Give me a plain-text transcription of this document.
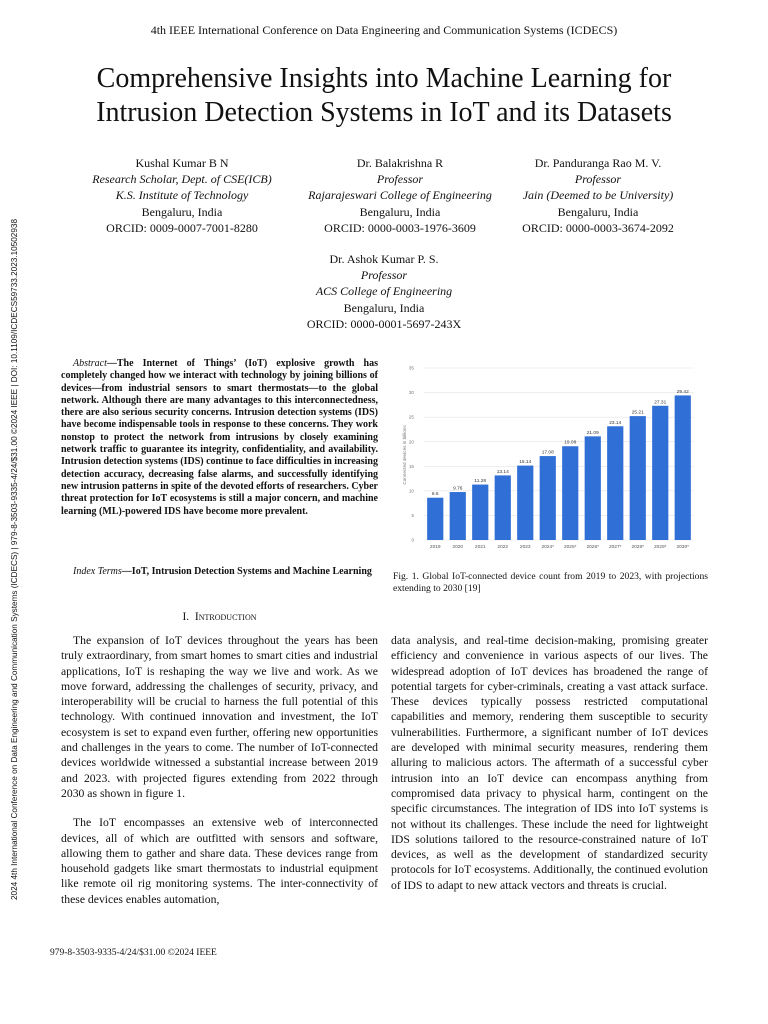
4th IEEE International Conference on Data Engineering and Communication Systems (ICDECS)
2024 4th International Conference on Data Engineering and Communication Systems (ICDECS) | 979-8-3503-9335-4/24/$31.00 ©2024 IEEE | DOI: 10.1109/ICDECS59733.2023.10502938
Comprehensive Insights into Machine Learning for
Intrusion Detection Systems in IoT and its Datasets
Kushal Kumar B N
Research Scholar, Dept. of CSE(ICB)
K.S. Institute of Technology
Bengaluru, India
ORCID: 0009-0007-7001-8280
Dr. Balakrishna R
Professor
Rajarajeswari College of Engineering
Bengaluru, India
ORCID: 0000-0003-1976-3609
Dr. Panduranga Rao M. V.
Professor
Jain (Deemed to be University)
Bengaluru, India
ORCID: 0000-0003-3674-2092
Dr. Ashok Kumar P. S.
Professor
ACS College of Engineering
Bengaluru, India
ORCID: 0000-0001-5697-243X
Abstract—The Internet of Things’ (IoT) explosive growth has completely changed how we interact with technology by joining billions of devices—from industrial sensors to smart thermostats—to the global network. Although there are many advantages to this interconnectedness, there are also serious security concerns. Intrusion detection systems (IDS) have become indispensable tools in response to these concerns. They work nonstop to protect the network from intrusions by closely examining network traffic to guarantee its integrity, confidentiality, and availability. Intrusion detection systems (IDS) continue to face difficulties in increasing detection accuracy, decreasing false alarms, and successfully identifying new intrusion patterns in spite of the devoted efforts of researchers. Cyber threat protection for IoT ecosystems is still a major concern, and machine learning (ML)-powered IDS have become more prevalent.
Index Terms—IoT, Intrusion Detection Systems and Machine Learning
I. Introduction

The expansion of IoT devices throughout the years has been truly extraordinary, from smart homes to smart cities and industrial applications, IoT is reshaping the way we live and work. As we move forward, addressing the challenges of security, privacy, and interoperability will be crucial to harness the full potential of this technology. With continued innovation and investment, the IoT ecosystem is set to expand even further, offering new opportunities and challenges in the years to come. The number of IoT-connected devices worldwide witnessed a substantial increase between 2019 and 2023. with projected figures extending from 2022 through 2030 as shown in figure 1.

The IoT encompasses an extensive web of interconnected devices, all of which are outfitted with sensors and software, allowing them to gather and share data. These devices range from household gadgets like smart thermostats to industrial equipment like remote oil rig monitoring systems. The inter-connectivity of these devices enables automation,

data analysis, and real-time decision-making, promising greater efficiency and convenience in various aspects of our lives. The widespread adoption of IoT devices has broadened the range of potential targets for cyber-criminals, creating a vast attack surface. These devices typically possess restricted computational capabilities and memory, rendering them susceptible to security vulnerabilities. Furthermore, a significant number of IoT devices are developed with minimal security measures, rendering them alluring to malicious actors. The aftermath of a successful cyber intrusion into an IoT device can encompass anything from compromised data privacy to physical harm, contingent on the specific circumstances. The integration of IDS into IoT systems is not without its challenges. These include the need for lightweight IDS solutions tailored to the resource-constrained nature of IoT devices, as well as the development of standardized security protocols for IoT ecosystems. Additionally, the continued evolution of IDS to adapt to new attack vectors and threats is crucial.

0
5
10
15
20
25
30
35
8.6
2019
9.76
2020
11.28
2021
13.14
2022
15.14
2023
17.08
2024*
19.08
2025*
21.09
2026*
23.14
2027*
25.21
2028*
27.31
2029*
29.42
2030*
Connected devices in billions
Fig. 1. Global IoT-connected device count from 2019 to 2023, with projections extending to 2030 [19]
979-8-3503-9335-4/24/$31.00 ©2024 IEEE
